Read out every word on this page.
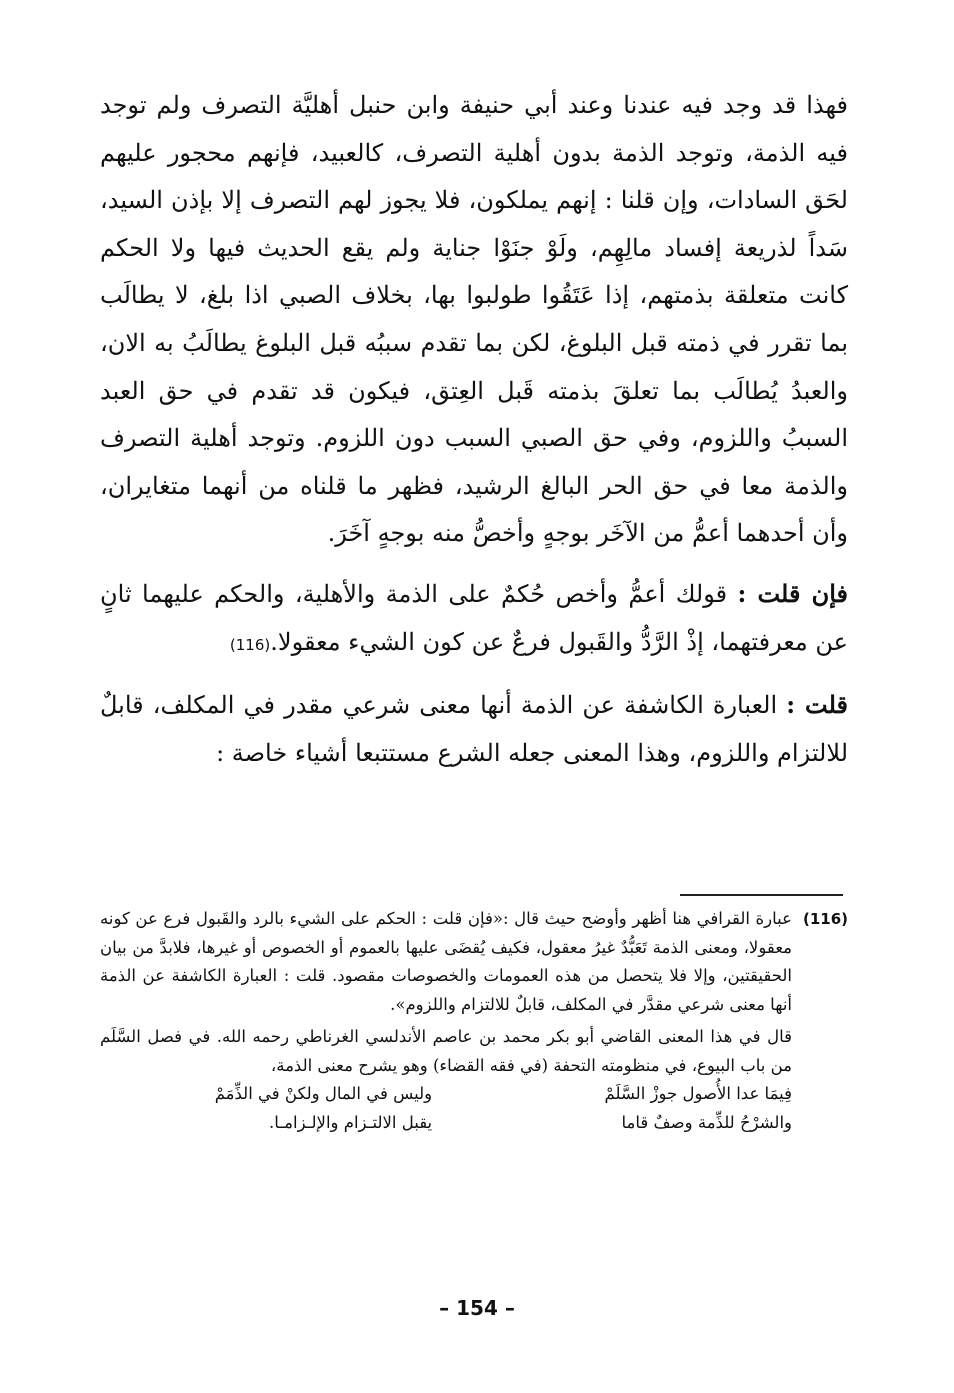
فهذا قد وجد فيه عندنا وعند أبي حنيفة وابن حنبل أهليَّة التصرف ولم توجد فيه الذمة، وتوجد الذمة بدون أهلية التصرف، كالعبيد، فإنهم محجور عليهم لحَق السادات، وإن قلنا : إنهم يملكون، فلا يجوز لهم التصرف إلا بإذن السيد، سَداً لذريعة إفساد مالِهِم، ولَوْ جنَوْا جناية ولم يقع الحديث فيها ولا الحكم كانت متعلقة بذمتهم، إذا عَتَقُوا طولبوا بها، بخلاف الصبي اذا بلغ، لا يطالَب بما تقرر في ذمته قبل البلوغ، لكن بما تقدم سببُه قبل البلوغ يطالَبُ به الان، والعبدُ يُطالَب بما تعلقَ بذمته قَبل العِتق، فيكون قد تقدم في حق العبد السببُ واللزوم، وفي حق الصبي السبب دون اللزوم. وتوجد أهلية التصرف والذمة معا في حق الحر البالغ الرشيد، فظهر ما قلناه من أنهما متغايران، وأن أحدهما أعمُّ من الآخَر بوجهٍ وأخصُّ منه بوجهٍ آخَرَ.

فإن قلت : قولك أعمُّ وأخص حُكمٌ على الذمة والأهلية، والحكم عليهما ثانٍ عن معرفتهما، إذْ الرَّدُّ والقَبول فرعٌ عن كون الشيء معقولا.(116)

قلت : العبارة الكاشفة عن الذمة أنها معنى شرعي مقدر في المكلف، قابلٌ للالتزام واللزوم، وهذا المعنى جعله الشرع مستتبعا أشياء خاصة :

(116)

عبارة القرافي هنا أظهر وأوضح حيث قال :«فإن قلت : الحكم على الشيء بالرد والقَبول فرع عن كونه معقولا، ومعنى الذمة تَعَبُّدٌ غيرُ معقول، فكيف يُقضَى عليها بالعموم أو الخصوص أو غيرها، فلابدَّ من بيان الحقيقتين، وإلا فلا يتحصل من هذه العمومات والخصوصات مقصود. قلت : العبارة الكاشفة عن الذمة أنها معنى شرعي مقدَّر في المكلف، قابلٌ للالتزام واللزوم».

قال في هذا المعنى القاضي أبو بكر محمد بن عاصم الأندلسي الغرناطي رحمه الله. في فصل السَّلَم من باب البيوع، في منظومته التحفة (في فقه القضاء) وهو يشرح معنى الذمة،

فِيمَا عدا الأُصول جوزْ السَّلَمْ
وليس في المال ولكنْ في الذِّمَمْ
والشرْحُ للذِّمة وصفٌ قاما
يقبل الالتـزام والإلـزامـا.
– 154 –
